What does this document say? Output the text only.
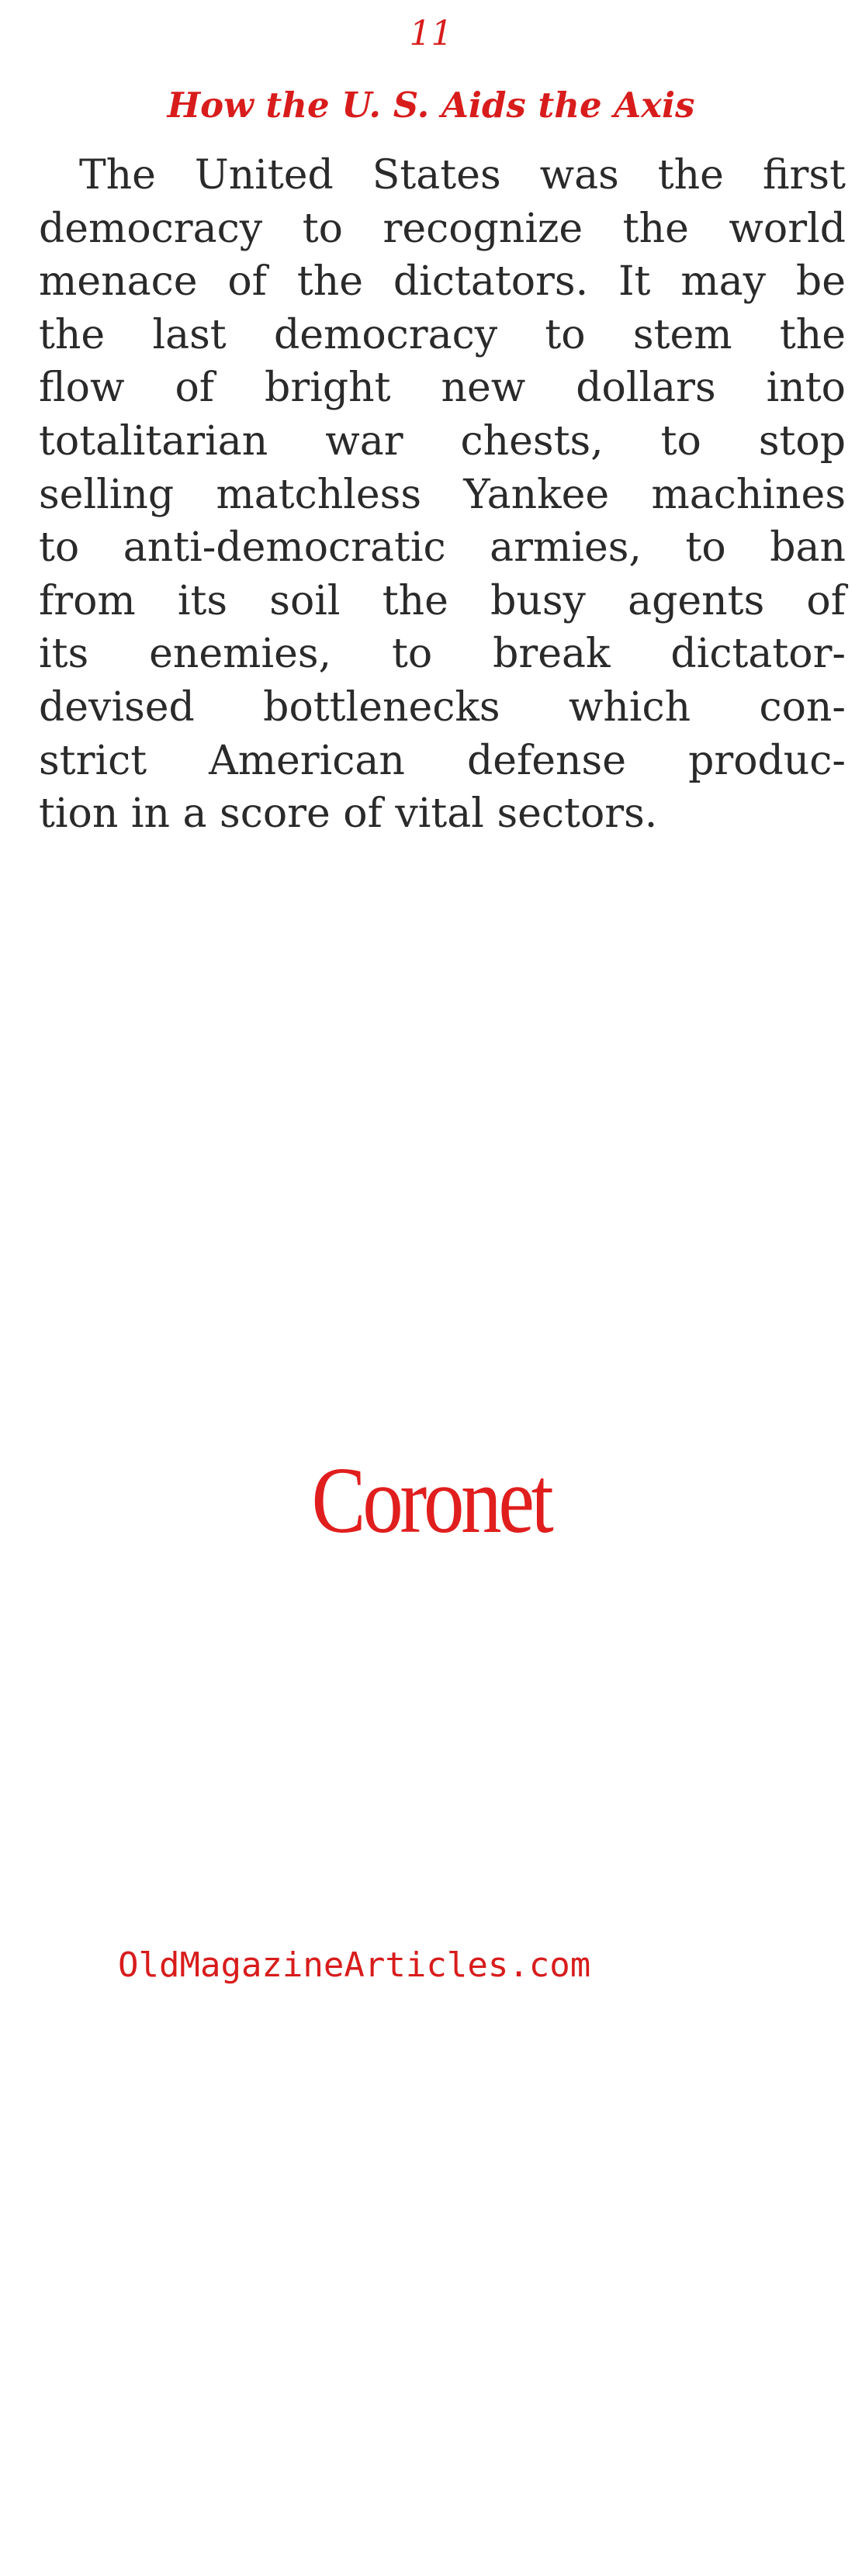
11
How the U. S. Aids the Axis
The United States was the first
democracy to recognize the world
menace of the dictators. It may be
the last democracy to stem the
flow of bright new dollars into
totalitarian war chests, to stop
selling matchless Yankee machines
to anti-democratic armies, to ban
from its soil the busy agents of
its enemies, to break dictator-
devised bottlenecks which con-
strict American defense produc-
tion in a score of vital sectors.
Coronet
OldMagazineArticles.com
